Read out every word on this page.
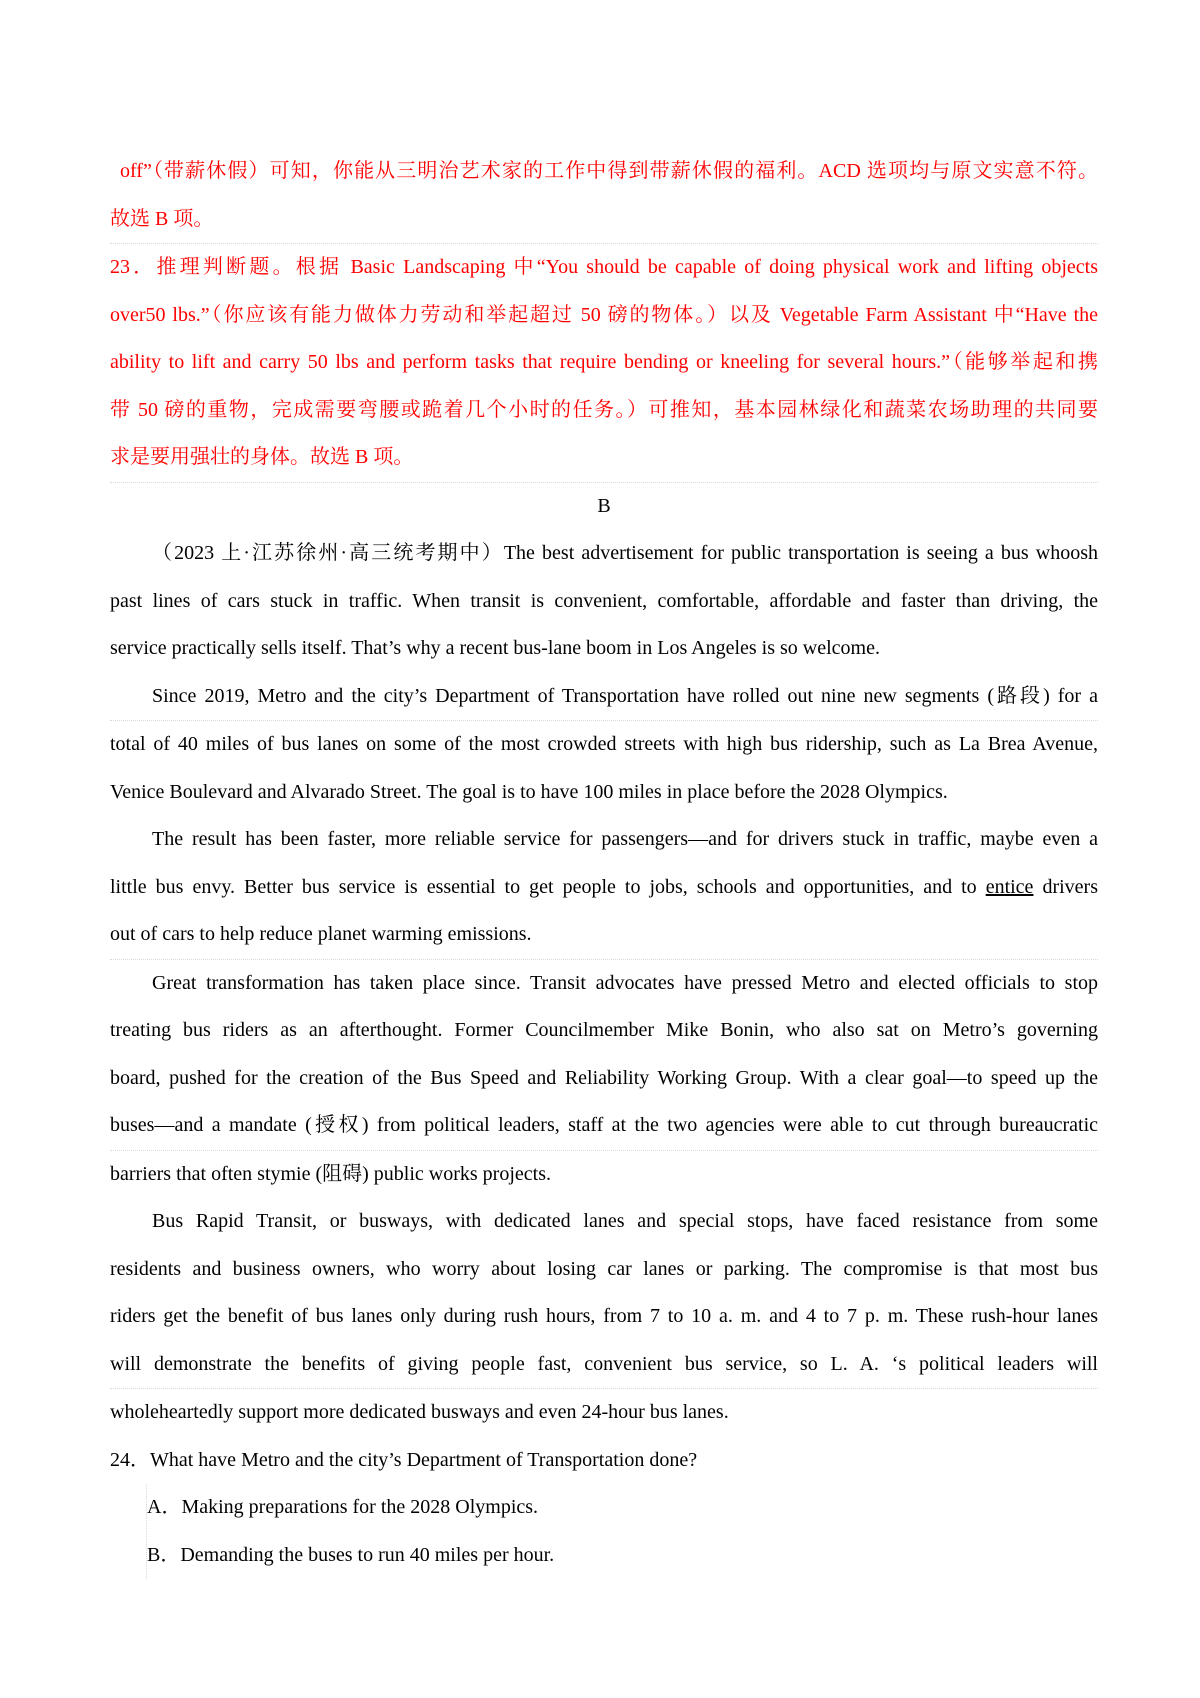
off”（带薪休假）可知，你能从三明治艺术家的工作中得到带薪休假的福利。ACD 选项均与原文实意不符。
故选 B 项。
23．推理判断题。根据 Basic Landscaping 中“You should be capable of doing physical work and lifting objects
over50 lbs.”（你应该有能力做体力劳动和举起超过 50 磅的物体。）以及 Vegetable Farm Assistant 中“Have the
ability to lift and carry 50 lbs and perform tasks that require bending or kneeling for several hours.”（能够举起和携
带 50 磅的重物，完成需要弯腰或跪着几个小时的任务。）可推知，基本园林绿化和蔬菜农场助理的共同要
求是要用强壮的身体。故选 B 项。
B
（2023 上·江苏徐州·高三统考期中）The best advertisement for public transportation is seeing a bus whoosh
past lines of cars stuck in traffic. When transit is convenient, comfortable, affordable and faster than driving, the
service practically sells itself. That’s why a recent bus-lane boom in Los Angeles is so welcome.
Since 2019, Metro and the city’s Department of Transportation have rolled out nine new segments (路段) for a
total of 40 miles of bus lanes on some of the most crowded streets with high bus ridership, such as La Brea Avenue,
Venice Boulevard and Alvarado Street. The goal is to have 100 miles in place before the 2028 Olympics.
The result has been faster, more reliable service for passengers—and for drivers stuck in traffic, maybe even a
little bus envy. Better bus service is essential to get people to jobs, schools and opportunities, and to entice drivers
out of cars to help reduce planet warming emissions.
Great transformation has taken place since. Transit advocates have pressed Metro and elected officials to stop
treating bus riders as an afterthought. Former Councilmember Mike Bonin, who also sat on Metro’s governing
board, pushed for the creation of the Bus Speed and Reliability Working Group. With a clear goal—to speed up the
buses—and a mandate (授权) from political leaders, staff at the two agencies were able to cut through bureaucratic
barriers that often stymie (阻碍) public works projects.
Bus Rapid Transit, or busways, with dedicated lanes and special stops, have faced resistance from some
residents and business owners, who worry about losing car lanes or parking. The compromise is that most bus
riders get the benefit of bus lanes only during rush hours, from 7 to 10 a. m. and 4 to 7 p. m. These rush-hour lanes
will demonstrate the benefits of giving people fast, convenient bus service, so L. A. ‘s political leaders will
wholeheartedly support more dedicated busways and even 24-hour bus lanes.
24．What have Metro and the city’s Department of Transportation done?
A．Making preparations for the 2028 Olympics.
B．Demanding the buses to run 40 miles per hour.
